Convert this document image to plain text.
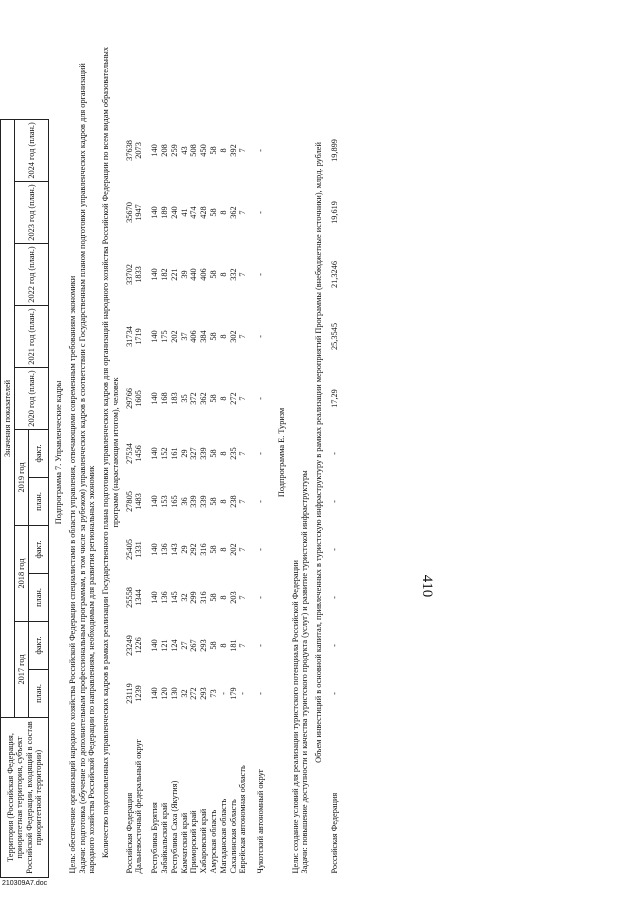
Территория (Российская Федерация, приоритетная территория, субъект Российской Федерации, входящий в состав приоритетной территории)	Значения показателей											
	2017 год		2018 год		2019 год		2020 год (план.)	2021 год (план.)	2022 год (план.)	2023 год (план.)	2024 год (план.)	
	план.	факт.	план.	факт.	план.	факт.						
Подпрограмма 7. Управленческие кадры												
Цель: обеспечение организаций народного хозяйства Российской Федерации специалистами в области управления, отвечающими современным требованиям экономики												
Задачи: подготовка (обучение по дополнительным профессиональным программам, в том числе за рубежом) управленческих кадров в соответствии с Государственным планом подготовки управленческих кадров для организаций народного хозяйства Российской Федерации по направлениям, необходимым для развития региональных экономик												
Количество подготовленных управленческих кадров в рамках реализации Государственного плана подготовки управленческих кадров для организаций народного хозяйства Российской Федерации по всем видам образовательных программ (нарастающим итогом), человек												
Российская Федерация	23119	23249	25558	25405	27805	27534	29766	31734	33702	35670	37638	
Дальневосточный федеральный округ	1239	1226	1344	1331	1483	1456	1605	1719	1833	1947	2073	

Республика Бурятия	140	140	140	140	140	140	140	140	140	140	140	
Забайкальский край	120	121	136	136	153	152	168	175	182	189	208	
Республика Саха (Якутия)	130	124	145	143	165	161	183	202	221	240	259	
Камчатский край	32	27	32	29	36	29	35	37	39	41	43	
Приморский край	272	267	299	292	339	327	372	406	440	474	508	
Хабаровский край	293	293	316	316	339	339	362	384	406	428	450	
Амурская область	73	58	58	58	58	58	58	58	58	58	58	
Магаданская область	-	8	8	8	8	8	8	8	8	8	8	
Сахалинская область	179	181	203	202	238	235	272	302	332	362	392	
Еврейская автономная область	-	7	7	7	7	7	7	7	7	7	7	

Чукотский автономный округ	-	-	-	-	-	-	-	-	-	-	-	
Подпрограмма Е. Туризм												
Цели: создание условий для реализации туристского потенциала Российской Федерации												
Задачи: повышение доступности и качества туристского продукта (услуг) и развитие туристской инфраструктуры												
Объем инвестиций в основной капитал, привлеченных в туристскую инфраструктуру в рамках реализации мероприятий Программы (внебюджетные источники), млрд. рублей												
Российская Федерация	-	-	-	-	-	-	17,29	25,3545	21,3246	19,619	19,899	
410
210309А7.doc
